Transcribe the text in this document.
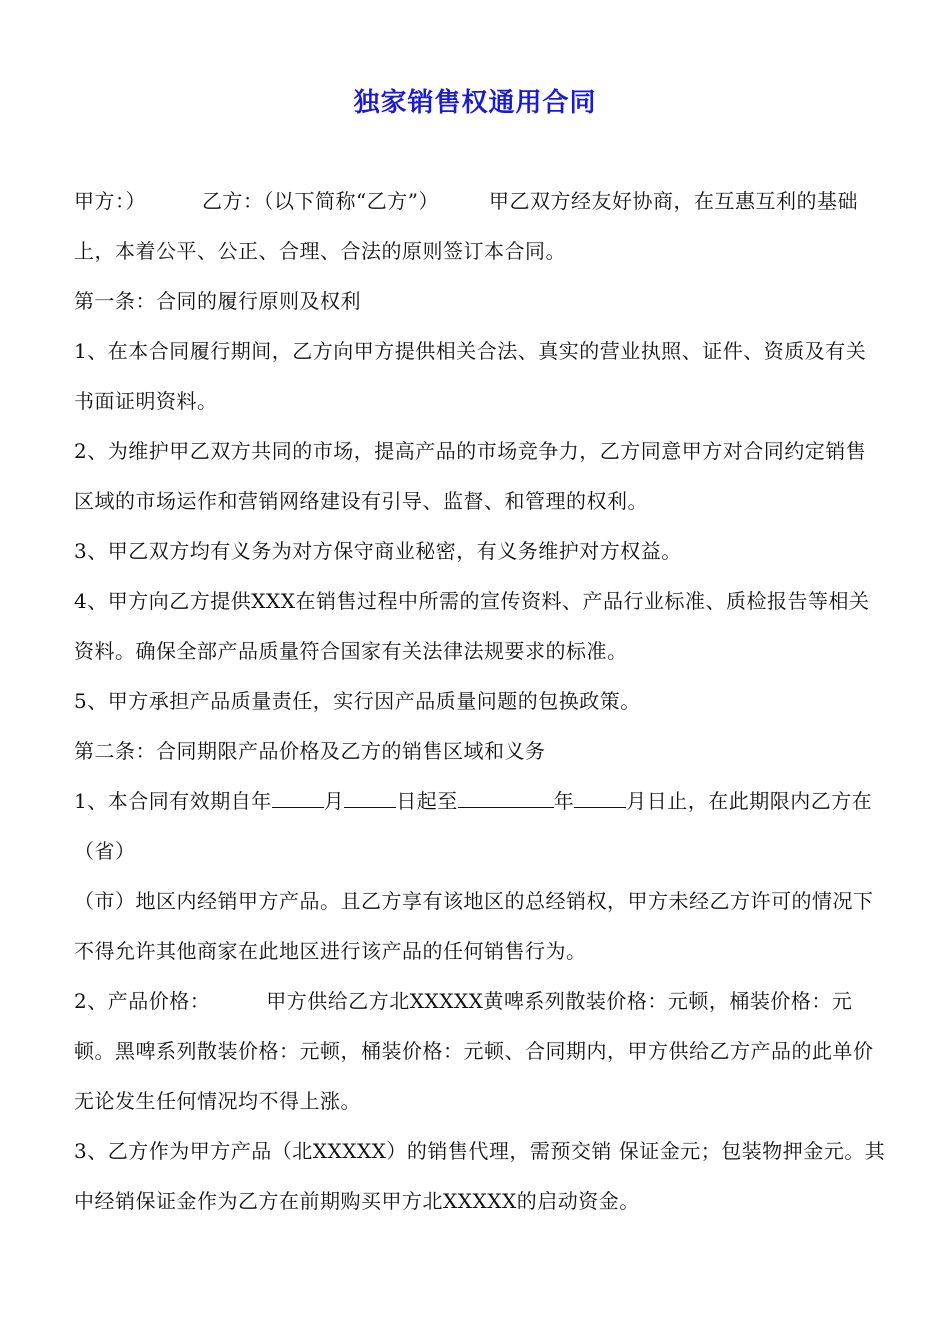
独家销售权通用合同

甲方：）	乙方：（以下简称“乙方”）	甲乙双方经友好协商，在互惠互利的基础上，本着公平、公正、合理、合法的原则签订本合同。

第一条：合同的履行原则及权利

1、在本合同履行期间，乙方向甲方提供相关合法、真实的营业执照、证件、资质及有关书面证明资料。

2、为维护甲乙双方共同的市场，提高产品的市场竞争力，乙方同意甲方对合同约定销售区域的市场运作和营销网络建设有引导、监督、和管理的权利。

3、甲乙双方均有义务为对方保守商业秘密，有义务维护对方权益。

4、甲方向乙方提供XXX在销售过程中所需的宣传资料、产品行业标准、质检报告等相关资料。确保全部产品质量符合国家有关法律法规要求的标准。

5、甲方承担产品质量责任，实行因产品质量问题的包换政策。

第二条：合同期限产品价格及乙方的销售区域和义务

1、本合同有效期自年	月	日起至	年	月日止，在此期限内乙方在

（省）

（市）地区内经销甲方产品。且乙方享有该地区的总经销权，甲方未经乙方许可的情况下不得允许其他商家在此地区进行该产品的任何销售行为。

2、产品价格：	甲方供给乙方北XXXXX黄啤系列散装价格：元顿，桶装价格：元顿。黑啤系列散装价格：元顿，桶装价格：元顿、合同期内，甲方供给乙方产品的此单价无论发生任何情况均不得上涨。

3、乙方作为甲方产品（北XXXXX）的销售代理，需预交销 保证金元；包装物押金元。其中经销保证金作为乙方在前期购买甲方北XXXXX的启动资金。
